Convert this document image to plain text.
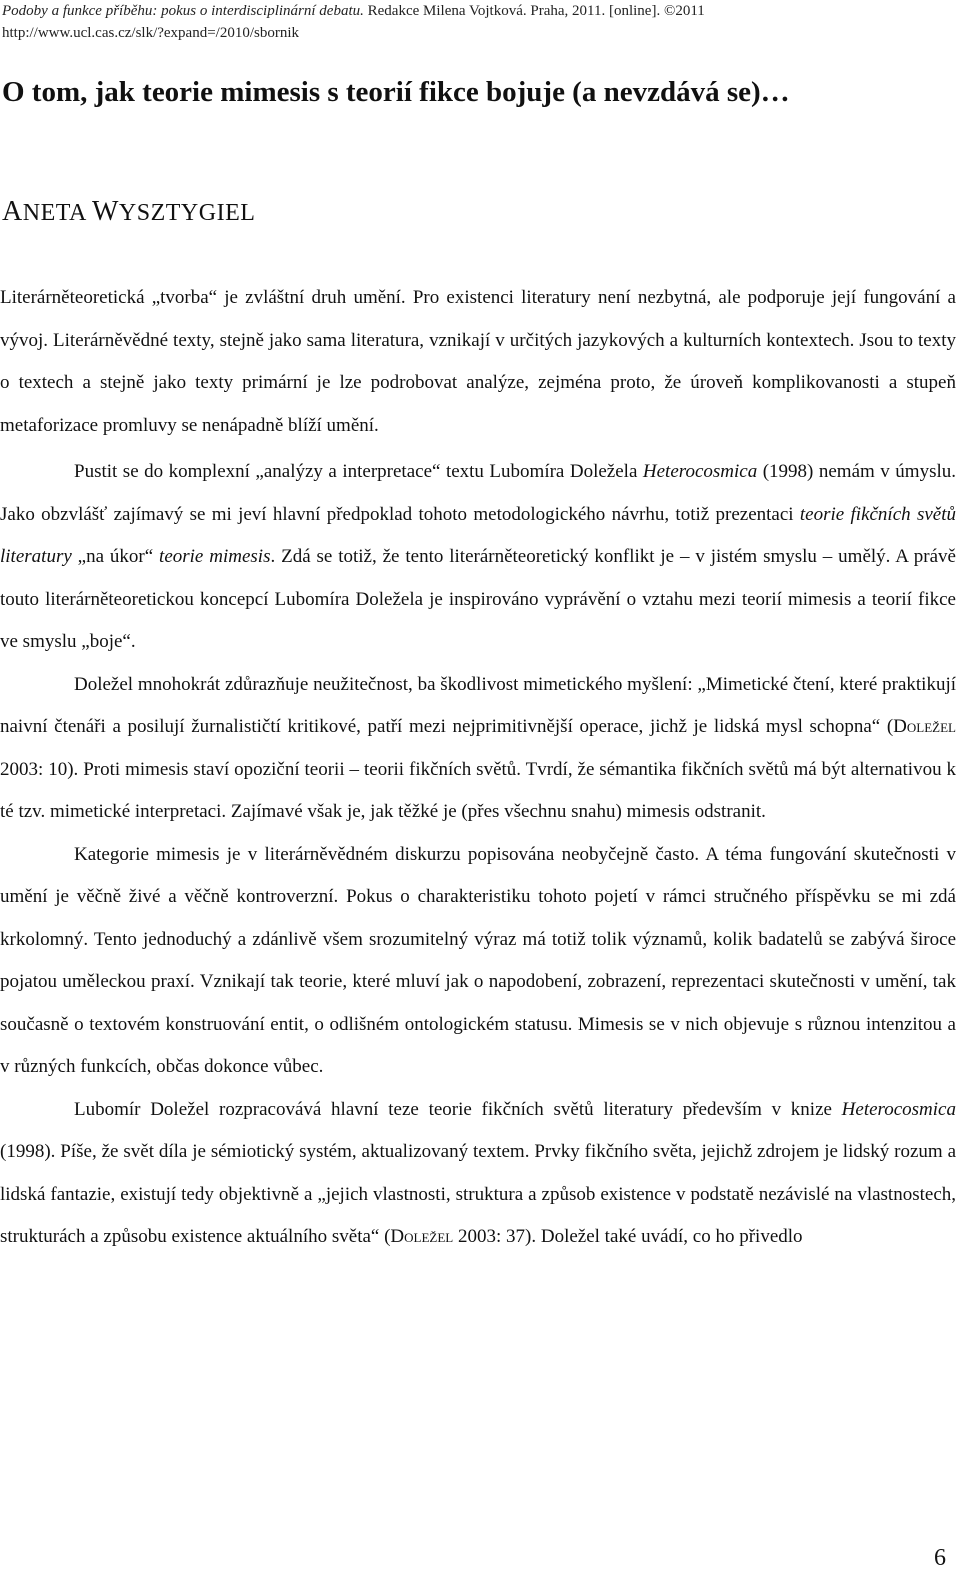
Podoby a funkce příběhu: pokus o interdisciplinární debatu. Redakce Milena Vojtková. Praha, 2011. [online]. ©2011
http://www.ucl.cas.cz/slk/?expand=/2010/sbornik
O tom, jak teorie mimesis s teorií fikce bojuje (a nevzdává se)…
ANETA WYSZTYGIEL

Literárněteoretická „tvorba“ je zvláštní druh umění. Pro existenci literatury není nezbytná, ale podporuje její fungování a vývoj. Literárněvědné texty, stejně jako sama literatura, vznikají v určitých jazykových a kulturních kontextech. Jsou to texty o textech a stejně jako texty primární je lze podrobovat analýze, zejména proto, že úroveň komplikovanosti a stupeň metaforizace promluvy se nenápadně blíží umění.

Pustit se do komplexní „analýzy a interpretace“ textu Lubomíra Doležela Heterocosmica (1998) nemám v úmyslu. Jako obzvlášť zajímavý se mi jeví hlavní předpoklad tohoto metodologického návrhu, totiž prezentaci teorie fikčních světů literatury „na úkor“ teorie mimesis. Zdá se totiž, že tento literárněteoretický konflikt je – v jistém smyslu – umělý. A právě touto literárněteoretickou koncepcí Lubomíra Doležela je inspirováno vyprávění o vztahu mezi teorií mimesis a teorií fikce ve smyslu „boje“.

Doležel mnohokrát zdůrazňuje neužitečnost, ba škodlivost mimetického myšlení: „Mimetické čtení, které praktikují naivní čtenáři a posilují žurnalističtí kritikové, patří mezi nejprimitivnější operace, jichž je lidská mysl schopna“ (Doležel 2003: 10). Proti mimesis staví opoziční teorii – teorii fikčních světů. Tvrdí, že sémantika fikčních světů má být alternativou k té tzv. mimetické interpretaci. Zajímavé však je, jak těžké je (přes všechnu snahu) mimesis odstranit.

Kategorie mimesis je v literárněvědném diskurzu popisována neobyčejně často. A téma fungování skutečnosti v umění je věčně živé a věčně kontroverzní. Pokus o charakteristiku tohoto pojetí v rámci stručného příspěvku se mi zdá krkolomný. Tento jednoduchý a zdánlivě všem srozumitelný výraz má totiž tolik významů, kolik badatelů se zabývá široce pojatou uměleckou praxí. Vznikají tak teorie, které mluví jak o napodobení, zobrazení, reprezentaci skutečnosti v umění, tak současně o textovém konstruování entit, o odlišném ontologickém statusu. Mimesis se v nich objevuje s různou intenzitou a v různých funkcích, občas dokonce vůbec.

Lubomír Doležel rozpracovává hlavní teze teorie fikčních světů literatury především v knize Heterocosmica (1998). Píše, že svět díla je sémiotický systém, aktualizovaný textem. Prvky fikčního světa, jejichž zdrojem je lidský rozum a lidská fantazie, existují tedy objektivně a „jejich vlastnosti, struktura a způsob existence v podstatě nezávislé na vlastnostech, strukturách a způsobu existence aktuálního světa“ (Doležel 2003: 37). Doležel také uvádí, co ho přivedlo

6
